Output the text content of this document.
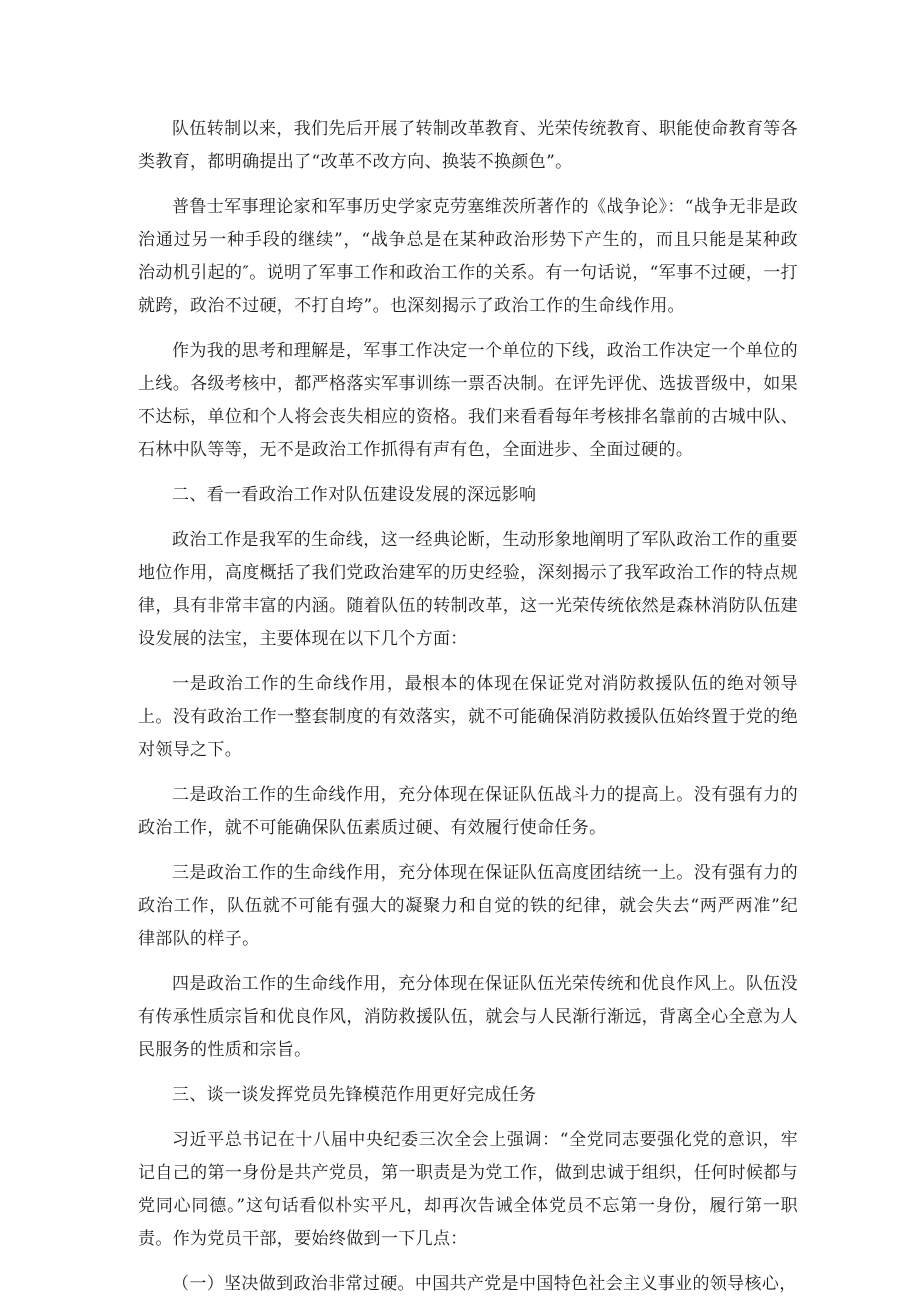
队伍转制以来，我们先后开展了转制改革教育、光荣传统教育、职能使命教育等各类教育，都明确提出了“改革不改方向、换装不换颜色”。

普鲁士军事理论家和军事历史学家克劳塞维茨所著作的《战争论》：“战争无非是政治通过另一种手段的继续”，“战争总是在某种政治形势下产生的，而且只能是某种政治动机引起的″。说明了军事工作和政治工作的关系。有一句话说，“军事不过硬，一打就跨，政治不过硬，不打自垮”。也深刻揭示了政治工作的生命线作用。

作为我的思考和理解是，军事工作决定一个单位的下线，政治工作决定一个单位的上线。各级考核中，都严格落实军事训练一票否决制。在评先评优、选拔晋级中，如果不达标，单位和个人将会丧失相应的资格。我们来看看每年考核排名靠前的古城中队、石林中队等等，无不是政治工作抓得有声有色，全面进步、全面过硬的。

二、看一看政治工作对队伍建设发展的深远影响

政治工作是我军的生命线，这一经典论断，生动形象地阐明了军队政治工作的重要地位作用，高度概括了我们党政治建军的历史经验，深刻揭示了我军政治工作的特点规律，具有非常丰富的内涵。随着队伍的转制改革，这一光荣传统依然是森林消防队伍建设发展的法宝，主要体现在以下几个方面：

一是政治工作的生命线作用，最根本的体现在保证党对消防救援队伍的绝对领导上。没有政治工作一整套制度的有效落实，就不可能确保消防救援队伍始终置于党的绝对领导之下。

二是政治工作的生命线作用，充分体现在保证队伍战斗力的提高上。没有强有力的政治工作，就不可能确保队伍素质过硬、有效履行使命任务。

三是政治工作的生命线作用，充分体现在保证队伍高度团结统一上。没有强有力的政治工作，队伍就不可能有强大的凝聚力和自觉的铁的纪律，就会失去“两严两准”纪律部队的样子。

四是政治工作的生命线作用，充分体现在保证队伍光荣传统和优良作风上。队伍没有传承性质宗旨和优良作风，消防救援队伍，就会与人民渐行渐远，背离全心全意为人民服务的性质和宗旨。

三、谈一谈发挥党员先锋模范作用更好完成任务

习近平总书记在十八届中央纪委三次全会上强调：“全党同志要强化党的意识，牢记自己的第一身份是共产党员，第一职责是为党工作，做到忠诚于组织，任何时候都与党同心同德。”这句话看似朴实平凡，却再次告诫全体党员不忘第一身份，履行第一职责。作为党员干部，要始终做到一下几点：

（一）坚决做到政治非常过硬。中国共产党是中国特色社会主义事业的领导核心，
